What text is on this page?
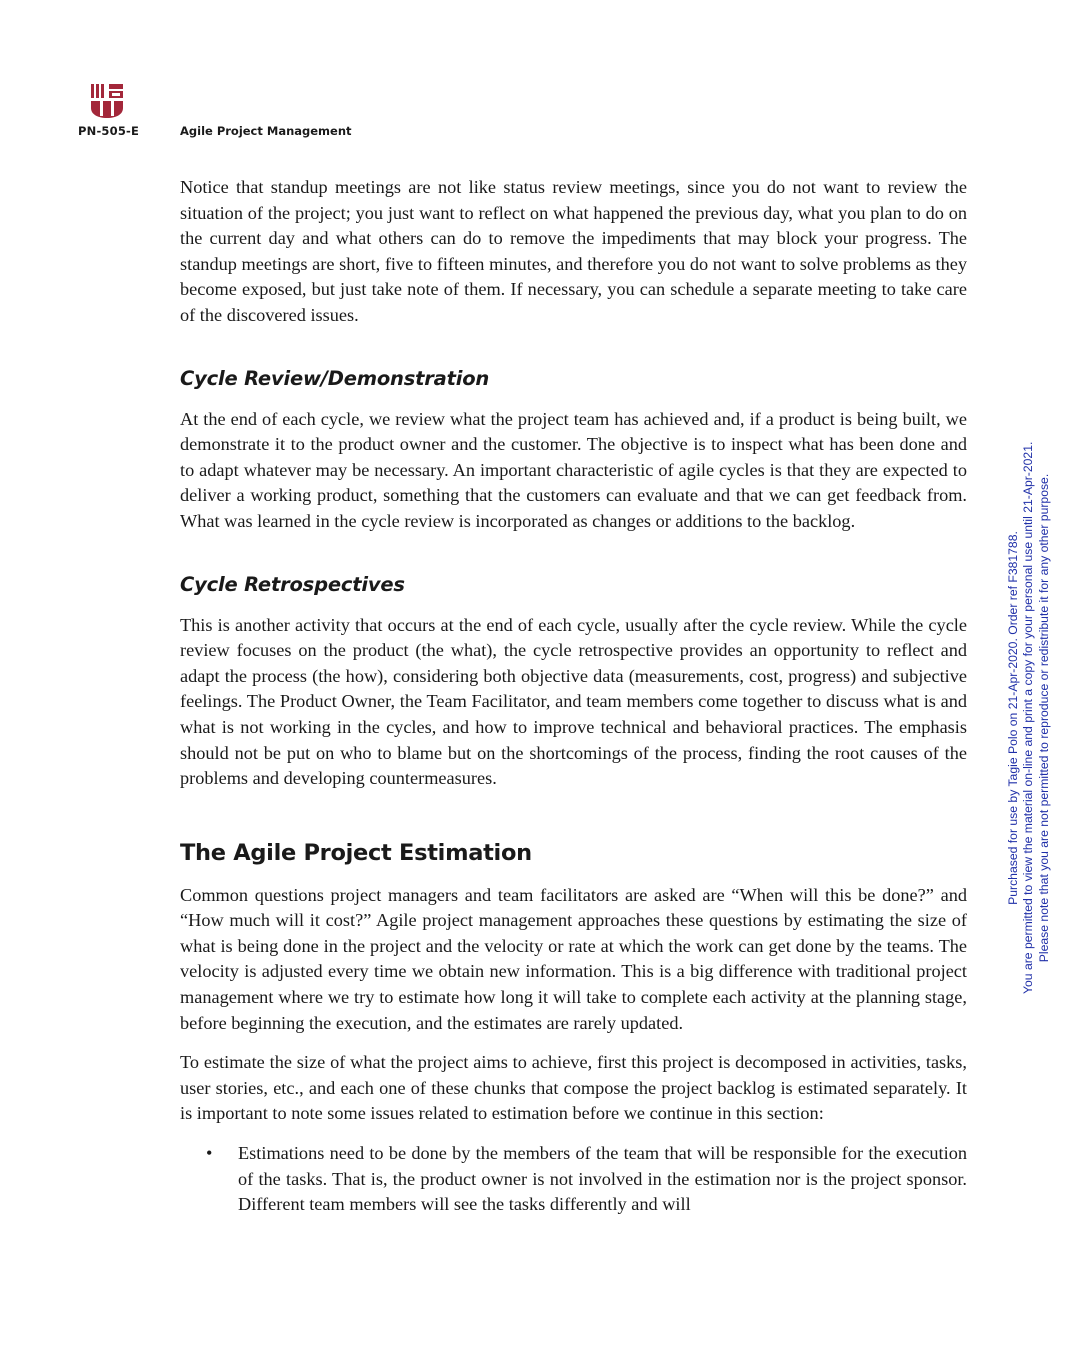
PN-505-E	Agile Project Management

Notice that standup meetings are not like status review meetings, since you do not want to review the situation of the project; you just want to reflect on what happened the previous day, what you plan to do on the current day and what others can do to remove the impediments that may block your progress. The standup meetings are short, five to fifteen minutes, and therefore you do not want to solve problems as they become exposed, but just take note of them. If necessary, you can schedule a separate meeting to take care of the discovered issues.

Cycle Review/Demonstration

At the end of each cycle, we review what the project team has achieved and, if a product is being built, we demonstrate it to the product owner and the customer. The objective is to inspect what has been done and to adapt whatever may be necessary. An important characteristic of agile cycles is that they are expected to deliver a working product, something that the customers can evaluate and that we can get feedback from. What was learned in the cycle review is incorporated as changes or additions to the backlog.

Cycle Retrospectives

This is another activity that occurs at the end of each cycle, usually after the cycle review. While the cycle review focuses on the product (the what), the cycle retrospective provides an opportunity to reflect and adapt the process (the how), considering both objective data (measurements, cost, progress) and subjective feelings. The Product Owner, the Team Facilitator, and team members come together to discuss what is and what is not working in the cycles, and how to improve technical and behavioral practices. The emphasis should not be put on who to blame but on the shortcomings of the process, finding the root causes of the problems and developing countermeasures.

The Agile Project Estimation

Common questions project managers and team facilitators are asked are “When will this be done?” and “How much will it cost?” Agile project management approaches these questions by estimating the size of what is being done in the project and the velocity or rate at which the work can get done by the teams. The velocity is adjusted every time we obtain new information. This is a big difference with traditional project management where we try to estimate how long it will take to complete each activity at the planning stage, before beginning the execution, and the estimates are rarely updated.

To estimate the size of what the project aims to achieve, first this project is decomposed in activities, tasks, user stories, etc., and each one of these chunks that compose the project backlog is estimated separately. It is important to note some issues related to estimation before we continue in this section:

• Estimations need to be done by the members of the team that will be responsible for the execution of the tasks. That is, the product owner is not involved in the estimation nor is the project sponsor. Different team members will see the tasks differently and will

Purchased for use by Tagie Polo on 21-Apr-2020. Order ref F381788. You are permitted to view the material on-line and print a copy for your personal use until 21-Apr-2021. Please note that you are not permitted to reproduce or redistribute it for any other purpose.
